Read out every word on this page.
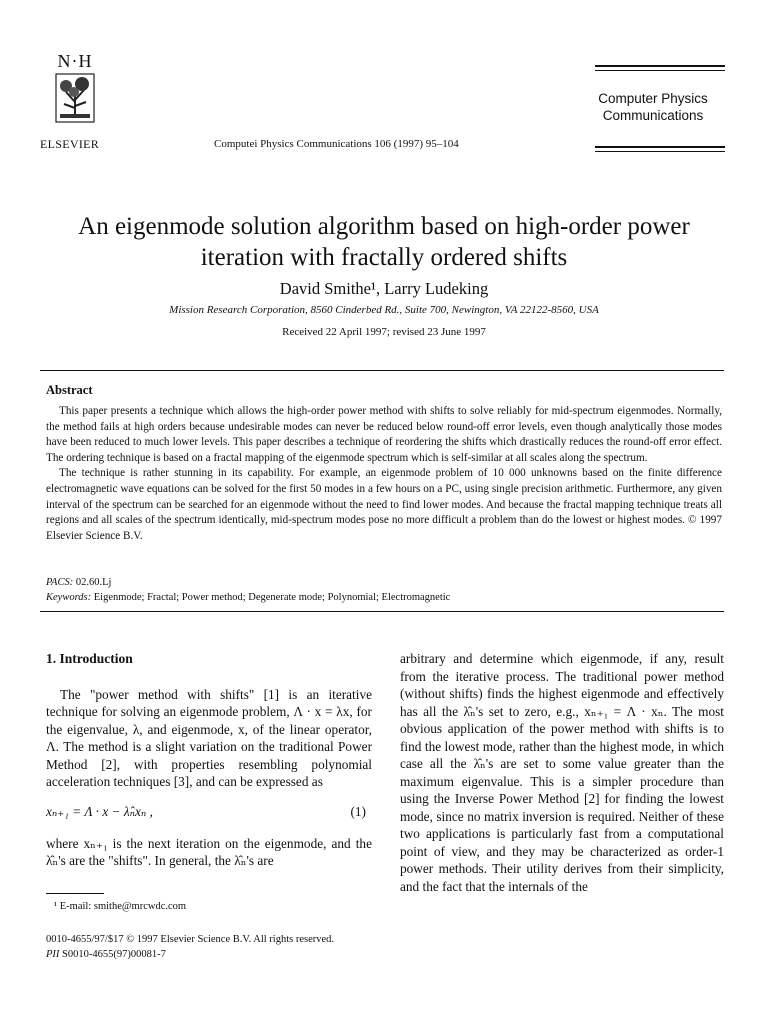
N·H
ELSEVIER	Computei Physics Communications 106 (1997) 95–104
Computer Physics
Communications
An eigenmode solution algorithm based on high-order power
iteration with fractally ordered shifts
David Smithe¹, Larry Ludeking
Mission Research Corporation, 8560 Cinderbed Rd., Suite 700, Newington, VA 22122-8560, USA
Received 22 April 1997; revised 23 June 1997
Abstract

This paper presents a technique which allows the high-order power method with shifts to solve reliably for mid-spectrum eigenmodes. Normally, the method fails at high orders because undesirable modes can never be reduced below round-off error levels, even though analytically those modes have been reduced to much lower levels. This paper describes a technique of reordering the shifts which drastically reduces the round-off error effect. The ordering technique is based on a fractal mapping of the eigenmode spectrum which is self-similar at all scales along the spectrum.

The technique is rather stunning in its capability. For example, an eigenmode problem of 10 000 unknowns based on the finite difference electromagnetic wave equations can be solved for the first 50 modes in a few hours on a PC, using single precision arithmetic. Furthermore, any given interval of the spectrum can be searched for an eigenmode without the need to find lower modes. And because the fractal mapping technique treats all regions and all scales of the spectrum identically, mid-spectrum modes pose no more difficult a problem than do the lowest or highest modes. © 1997 Elsevier Science B.V.

PACS: 02.60.Lj
Keywords: Eigenmode; Fractal; Power method; Degenerate mode; Polynomial; Electromagnetic
1. Introduction

The "power method with shifts" [1] is an iterative technique for solving an eigenmode problem, Λ · x = λx, for the eigenvalue, λ, and eigenmode, x, of the linear operator, Λ. The method is a slight variation on the traditional Power Method [2], with properties resembling polynomial acceleration techniques [3], and can be expressed as

xₙ₊₁ = Λ · x − λ̂ₙxₙ ,	(1)

where xₙ₊₁ is the next iteration on the eigenmode, and the λ̂ₙ's are the "shifts". In general, the λ̂ₙ's are

arbitrary and determine which eigenmode, if any, result from the iterative process. The traditional power method (without shifts) finds the highest eigenmode and effectively has all the λ̂ₙ's set to zero, e.g., xₙ₊₁ = Λ · xₙ. The most obvious application of the power method with shifts is to find the lowest mode, rather than the highest mode, in which case all the λ̂ₙ's are set to some value greater than the maximum eigenvalue. This is a simpler procedure than using the Inverse Power Method [2] for finding the lowest mode, since no matrix inversion is required. Neither of these two applications is particularly fast from a computational point of view, and they may be characterized as order-1 power methods. Their utility derives from their simplicity, and the fact that the internals of the

¹ E-mail: smithe@mrcwdc.com
0010-4655/97/$17 © 1997 Elsevier Science B.V. All rights reserved.
PII S0010-4655(97)00081-7
